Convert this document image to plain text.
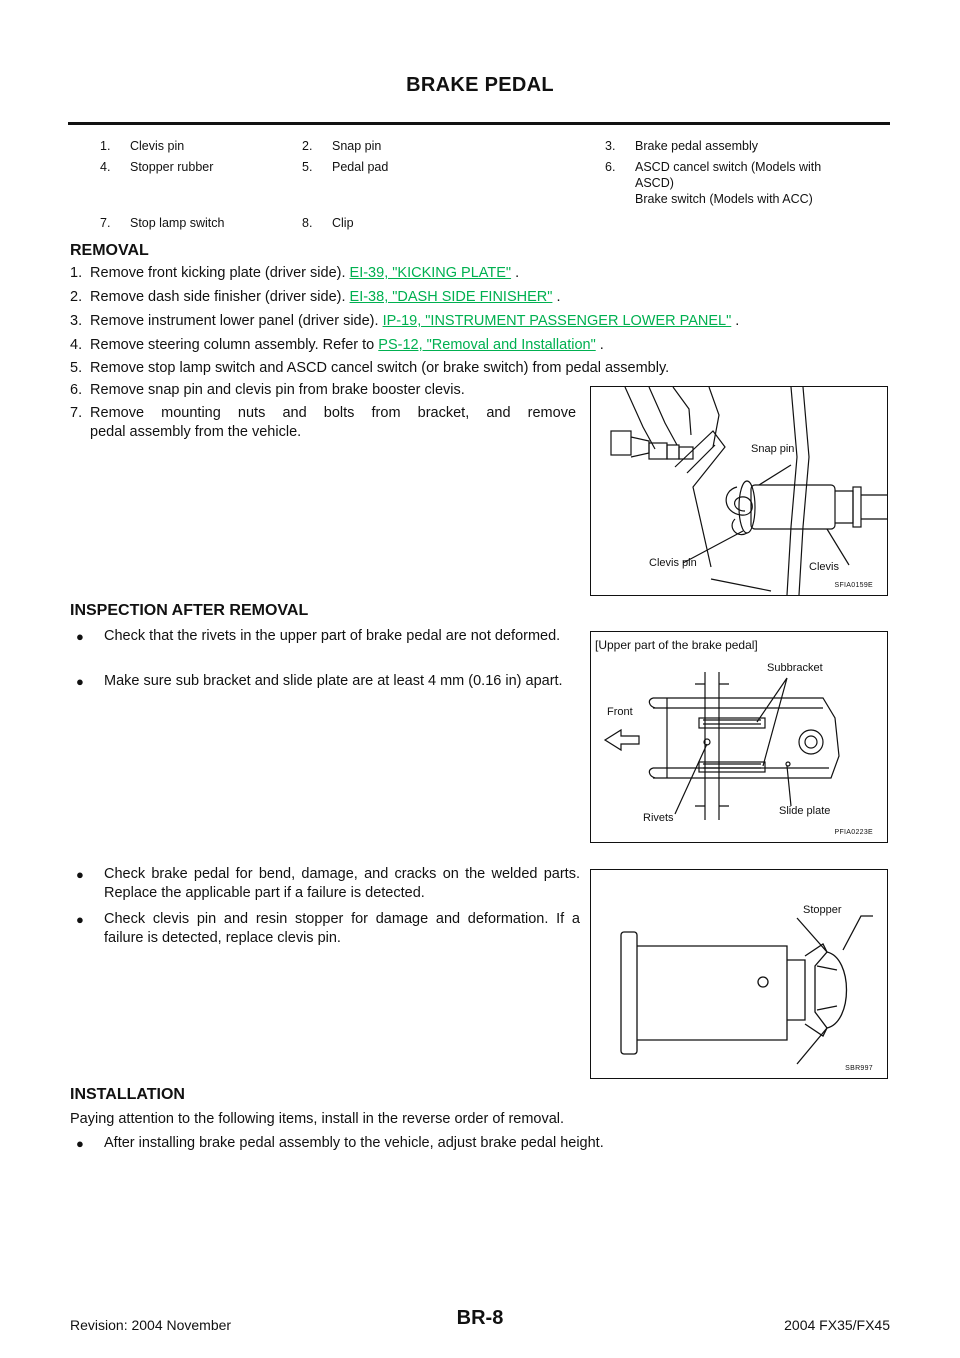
BRAKE PEDAL
1. Clevis pin	2. Snap pin	3. Brake pedal assembly
4. Stopper rubber	5. Pedal pad	6. ASCD cancel switch (Models with
ASCD)
Brake switch (Models with ACC)
7. Stop lamp switch	8. Clip
REMOVAL
1. Remove front kicking plate (driver side). EI-39, "KICKING PLATE" .
2. Remove dash side finisher (driver side). EI-38, "DASH SIDE FINISHER" .
3. Remove instrument lower panel (driver side). IP-19, "INSTRUMENT PASSENGER LOWER PANEL" .
4. Remove steering column assembly. Refer to PS-12, "Removal and Installation" .
5. Remove stop lamp switch and ASCD cancel switch (or brake switch) from pedal assembly.
6. Remove snap pin and clevis pin from brake booster clevis.
7. Remove mounting nuts and bolts from bracket, and remove
pedal assembly from the vehicle.
Snap pin
Clevis pin	Clevis
SFIA0159E
INSPECTION AFTER REMOVAL
● Check that the rivets in the upper part of brake pedal are not deformed.
● Make sure sub bracket and slide plate are at least 4 mm (0.16 in) apart.
[Upper part of the brake pedal]
Subbracket
Front
Rivets
Slide plate
PFIA0223E
● Check brake pedal for bend, damage, and cracks on the welded parts. Replace the applicable part if a failure is detected.
● Check clevis pin and resin stopper for damage and deformation. If a failure is detected, replace clevis pin.
Stopper
SBR997
INSTALLATION
Paying attention to the following items, install in the reverse order of removal.
● After installing brake pedal assembly to the vehicle, adjust brake pedal height.
Revision: 2004 November	BR-8	2004 FX35/FX45
